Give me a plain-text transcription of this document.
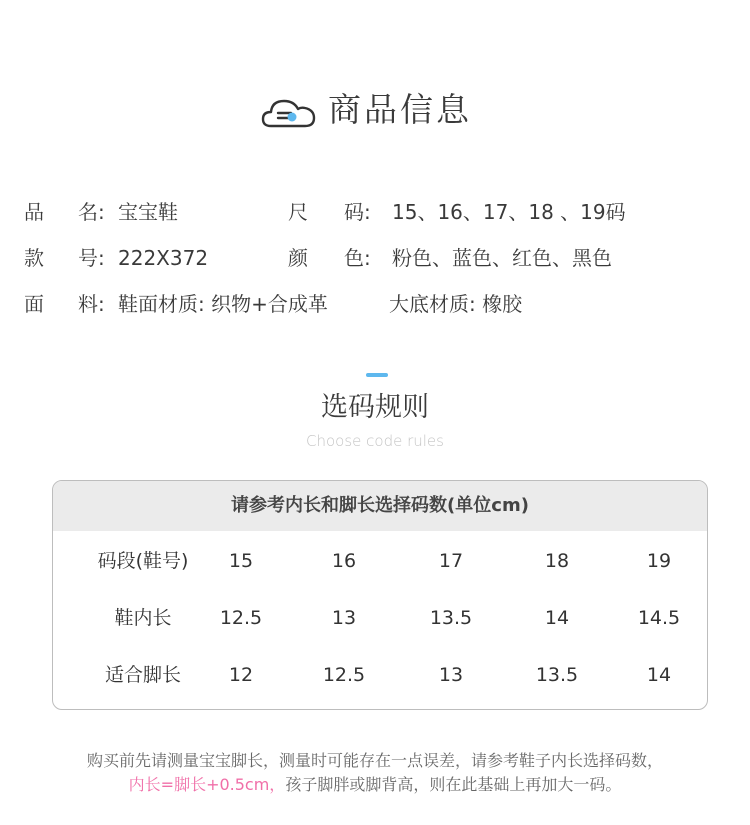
商品信息
品 名: 宝宝鞋	尺 码: 15、16、17、18 、19码
款 号: 222X372	颜 色: 粉色、蓝色、红色、黑色
面 料: 鞋面材质: 织物+合成革	大底材质: 橡胶
选码规则
Choose code rules
请参考内长和脚长选择码数(单位cm)
码段(鞋号)	15	16	17	18	19
鞋内长	12.5	13	13.5	14	14.5
适合脚长	12	12.5	13	13.5	14
购买前先请测量宝宝脚长，测量时可能存在一点误差，请参考鞋子内长选择码数，
内长=脚长+0.5cm，孩子脚胖或脚背高，则在此基础上再加大一码。
